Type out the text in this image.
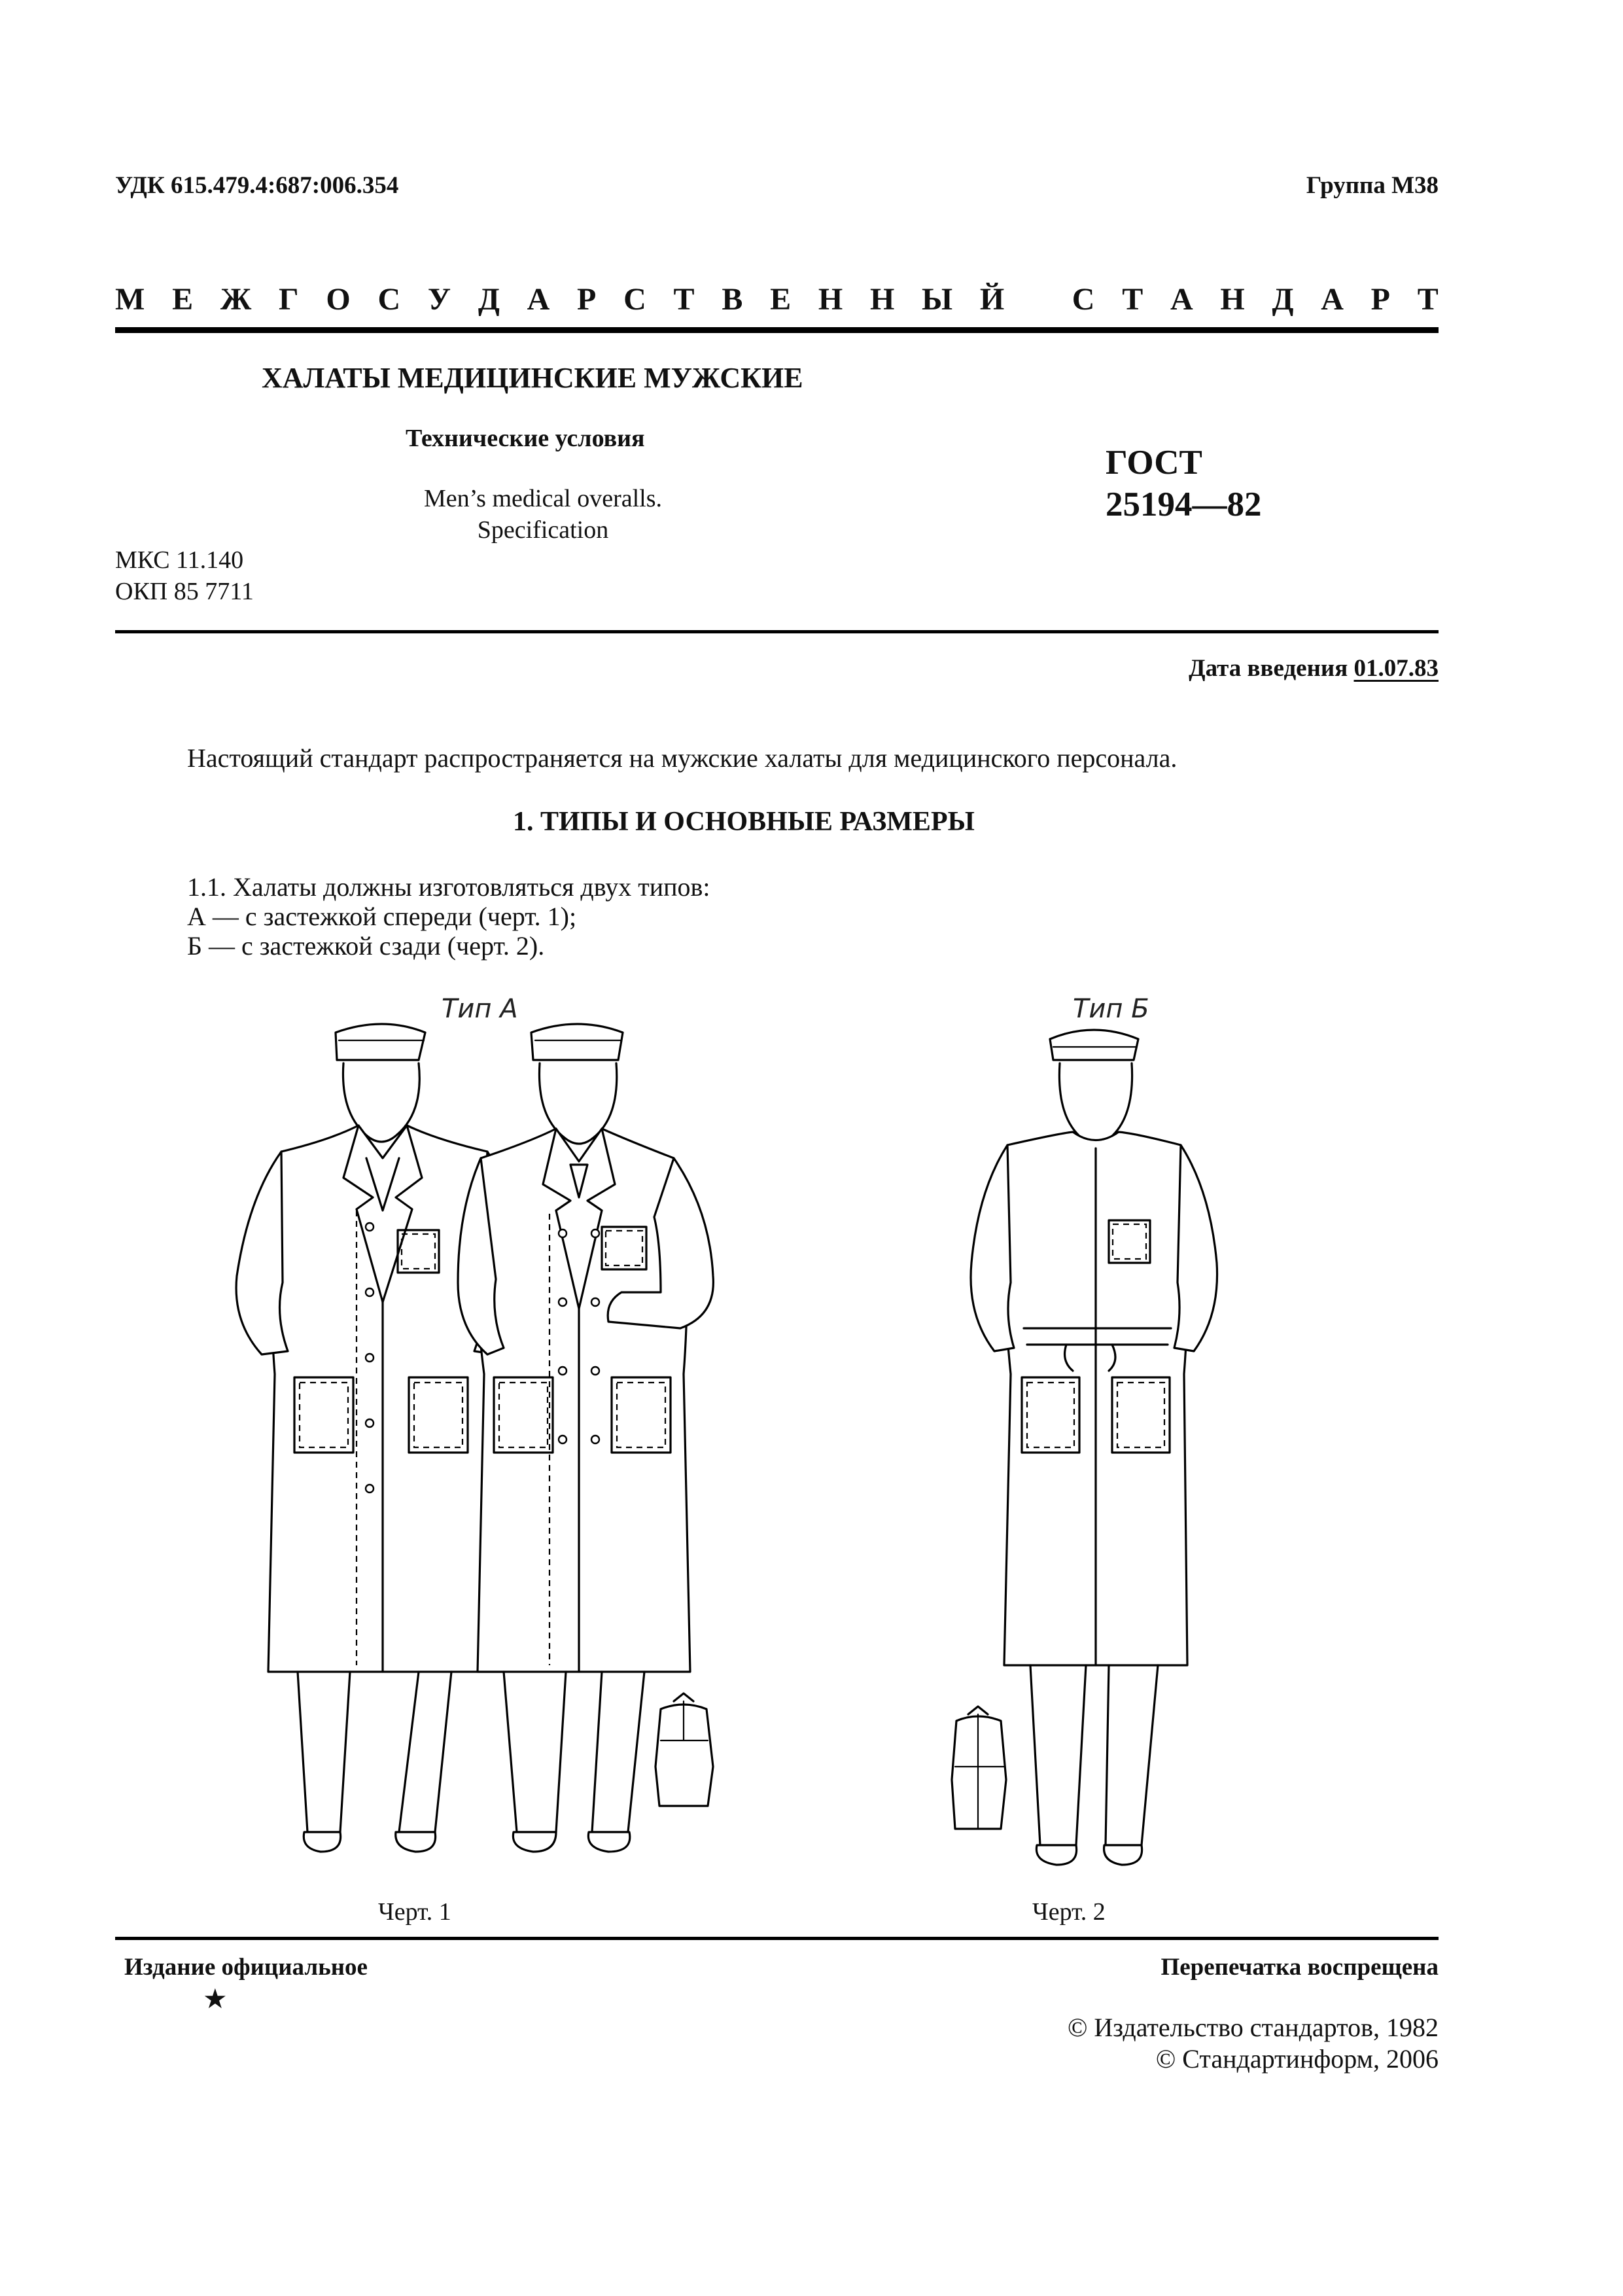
УДК 615.479.4:687:006.354	Группа М38
М Е Ж Г О С У Д А Р С Т В Е Н Н Ы Й С Т А Н Д А Р Т
ХАЛАТЫ МЕДИЦИНСКИЕ МУЖСКИЕ
Технические условия
Men’s medical overalls.
Specification
ГОСТ
25194—82
МКС 11.140
ОКП 85 7711
Дата введения 01.07.83
Настоящий стандарт распространяется на мужские халаты для медицинского персонала.
1. ТИПЫ И ОСНОВНЫЕ РАЗМЕРЫ
1.1. Халаты должны изготовляться двух типов:
А — с застежкой спереди (черт. 1);
Б — с застежкой сзади (черт. 2).
Тип А
Черт. 1
Тип Б
Черт. 2
Издание официальное
★
Перепечатка воспрещена
© Издательство стандартов, 1982
© Стандартинформ, 2006
